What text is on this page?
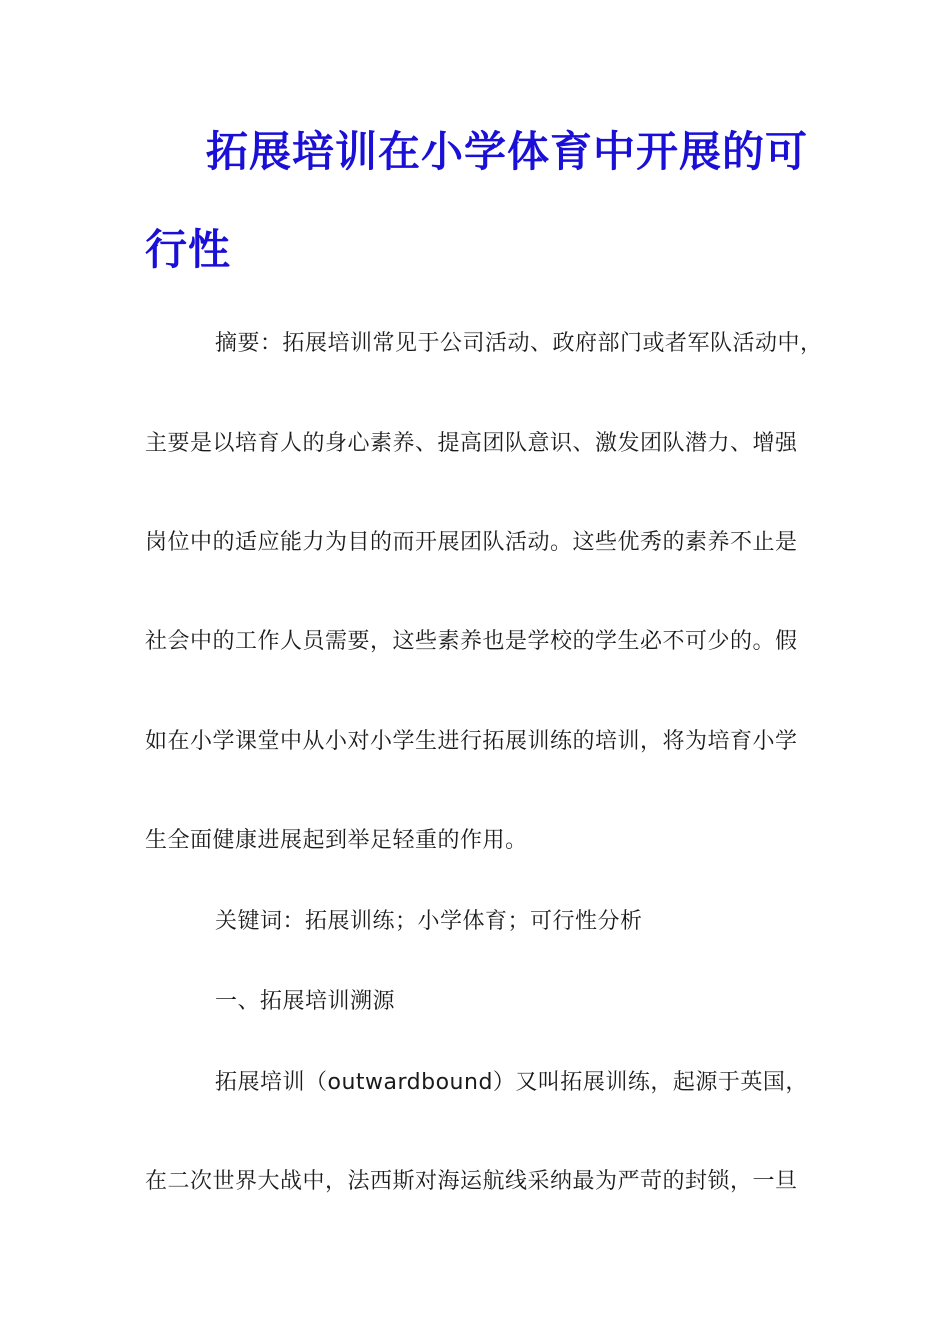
拓展培训在小学体育中开展的可
行性
摘要：拓展培训常见于公司活动、政府部门或者军队活动中，
主要是以培育人的身心素养、提高团队意识、激发团队潜力、增强
岗位中的适应能力为目的而开展团队活动。这些优秀的素养不止是
社会中的工作人员需要，这些素养也是学校的学生必不可少的。假
如在小学课堂中从小对小学生进行拓展训练的培训，将为培育小学
生全面健康进展起到举足轻重的作用。
关键词：拓展训练；小学体育；可行性分析
一、拓展培训溯源
拓展培训（outwardbound）又叫拓展训练，起源于英国，
在二次世界大战中，法西斯对海运航线采纳最为严苛的封锁，一旦
